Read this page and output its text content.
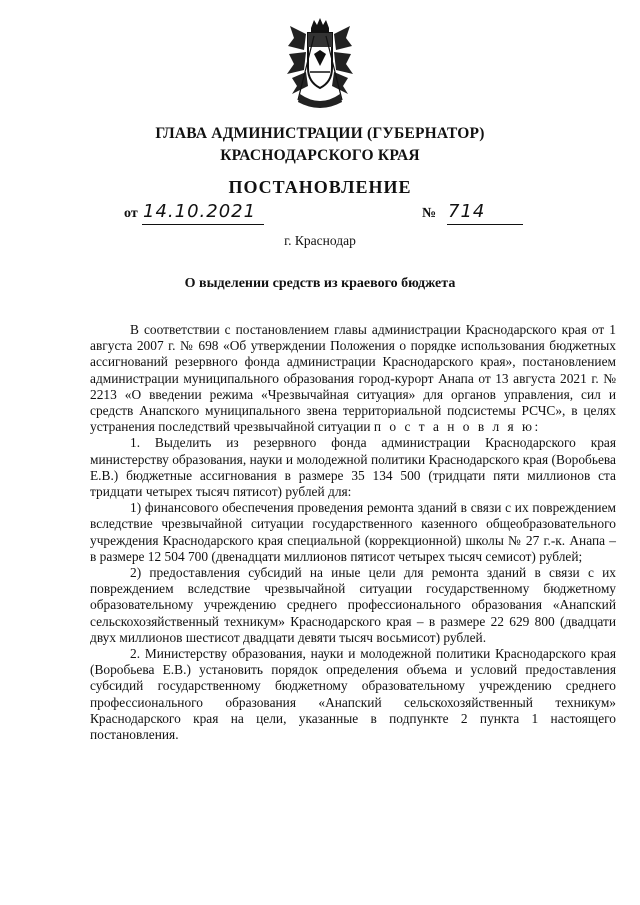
ГЛАВА АДМИНИСТРАЦИИ (ГУБЕРНАТОР)
КРАСНОДАРСКОГО КРАЯ
ПОСТАНОВЛЕНИЕ
от 14.10.2021	№ 714
г. Краснодар
О выделении средств из краевого бюджета

В соответствии с постановлением главы администрации Краснодарского края от 1 августа 2007 г. № 698 «Об утверждении Положения о порядке использования бюджетных ассигнований резервного фонда администрации Краснодарского края», постановлением администрации муниципального образования город-курорт Анапа от 13 августа 2021 г. № 2213 «О введении режима «Чрезвычайная ситуация» для органов управления, сил и средств Анапского муниципального звена территориальной подсистемы РСЧС», в целях устранения последствий чрезвычайной ситуации п о с т а н о в л я ю:

1. Выделить из резервного фонда администрации Краснодарского края министерству образования, науки и молодежной политики Краснодарского края (Воробьева Е.В.) бюджетные ассигнования в размере 35 134 500 (тридцати пяти миллионов ста тридцати четырех тысяч пятисот) рублей для:

1) финансового обеспечения проведения ремонта зданий в связи с их повреждением вследствие чрезвычайной ситуации государственного казенного общеобразовательного учреждения Краснодарского края специальной (коррекционной) школы № 27 г.-к. Анапа – в размере 12 504 700 (двенадцати миллионов пятисот четырех тысяч семисот) рублей;

2) предоставления субсидий на иные цели для ремонта зданий в связи с их повреждением вследствие чрезвычайной ситуации государственному бюджетному образовательному учреждению среднего профессионального образования «Анапский сельскохозяйственный техникум» Краснодарского края – в размере 22 629 800 (двадцати двух миллионов шестисот двадцати девяти тысяч восьмисот) рублей.

2. Министерству образования, науки и молодежной политики Краснодарского края (Воробьева Е.В.) установить порядок определения объема и условий предоставления субсидий государственному бюджетному образовательному учреждению среднего профессионального образования «Анапский сельскохозяйственный техникум» Краснодарского края на цели, указанные в подпункте 2 пункта 1 настоящего постановления.
